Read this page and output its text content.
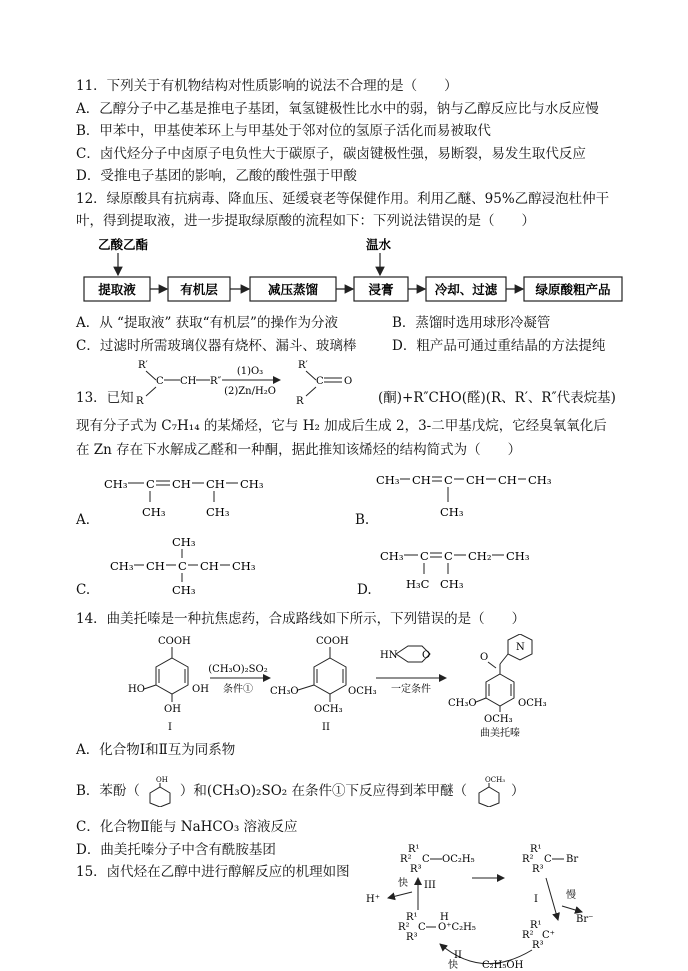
11．下列关于有机物结构对性质影响的说法不合理的是（　　）
A．乙醇分子中乙基是推电子基团，氧氢键极性比水中的弱，钠与乙醇反应比与水反应慢
B．甲苯中，甲基使苯环上与甲基处于邻对位的氢原子活化而易被取代
C．卤代烃分子中卤原子电负性大于碳原子，碳卤键极性强，易断裂，易发生取代反应
D．受推电子基团的影响，乙酸的酸性强于甲酸
12．绿原酸具有抗病毒、降血压、延缓衰老等保健作用。利用乙醚、95%乙醇浸泡杜仲干
叶，得到提取液，进一步提取绿原酸的流程如下：下列说法错误的是（　　）
乙酸乙酯	温水
提取液	有机层	减压蒸馏	浸膏	冷却、过滤	绿原酸粗产品
A．从 “提取液” 获取“有机层”的操作为分液	B．蒸馏时选用球形冷凝管
C．过滤时所需玻璃仪器有烧杯、漏斗、玻璃棒	D．粗产品可通过重结晶的方法提纯
13．已知
R′
C CH R″
R
(1)O₃
(2)Zn/H₂O
R′
C O
R	(酮)+R″CHO(醛)(R、R′、R″代表烷基)
现有分子式为 C₇H₁₄ 的某烯烃，它与 H₂ 加成后生成 2，3-二甲基戊烷，它经臭氧氧化后
在 Zn 存在下水解成乙醛和一种酮，据此推知该烯烃的结构简式为（　　）
A．
CH₃ C CH CH CH₃
CH₃	CH₃	B.
CH₃ CH C CH CH CH₃
CH₃
C.
CH₃
CH₃ CH C CH CH₃
CH₃	D.
CH₃ C C CH₂ CH₃
H₃C CH₃
14．曲美托嗪是一种抗焦虑药，合成路线如下所示，下列错误的是（　　）
COOH
HO	OH
OH
I
(CH₃O)₂SO₂
条件①
COOH
CH₃O	OCH₃
OCH₃
II
HN O
一定条件
N
O
CH₃O	OCH₃
OCH₃
曲美托嗪
A．化合物Ⅰ和Ⅱ互为同系物
B．苯酚（
OH
）和(CH₃O)₂SO₂ 在条件①下反应得到苯甲醚（
OCH₃
）
C．化合物Ⅱ能与 NaHCO₃ 溶液反应
D．曲美托嗪分子中含有酰胺基团
15．卤代烃在乙醇中进行醇解反应的机理如图
R¹
R² C OC₂H₅
R³
R¹
R² C Br
R³
III
快
H⁺	I	慢
Br⁻
R¹
R² C O⁺C₂H₅
H
R³
R¹
R² C⁺
R³
II
快 C₂H₅OH
